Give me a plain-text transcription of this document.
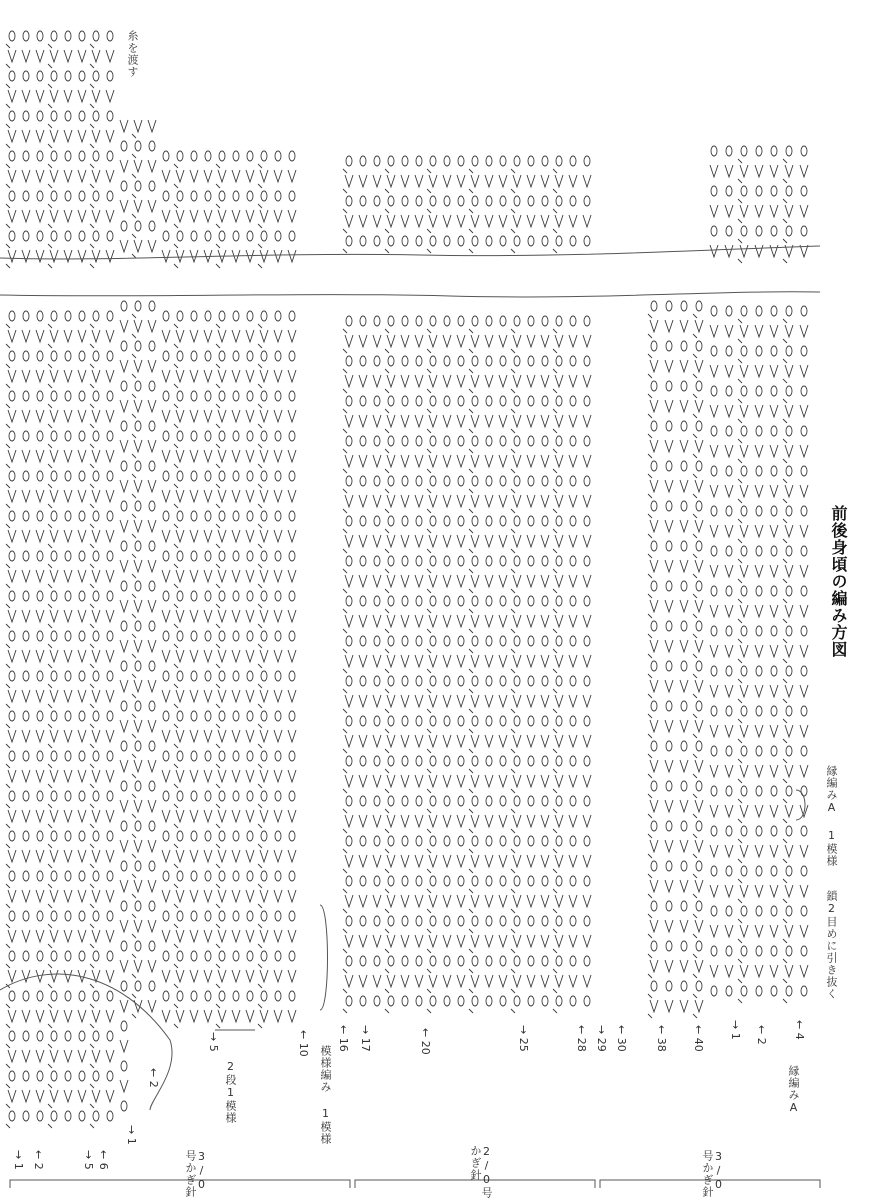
前後身頃の編み方図
糸を渡す
縁編みA 1模様
鎖2目めに引き抜く
模様編み 1模様
2段1模様	縁編みA
3/0号かぎ針	2/0号かぎ針	3/0号かぎ針
← 2
→ 1	← 6
→ 5
← 2
→ 1
→ 5	← 10 ← 16 → 17	← 20	→ 25	← 28 → 29 ← 30 ← 38 ← 40 → 1 ← 2 ← 4
